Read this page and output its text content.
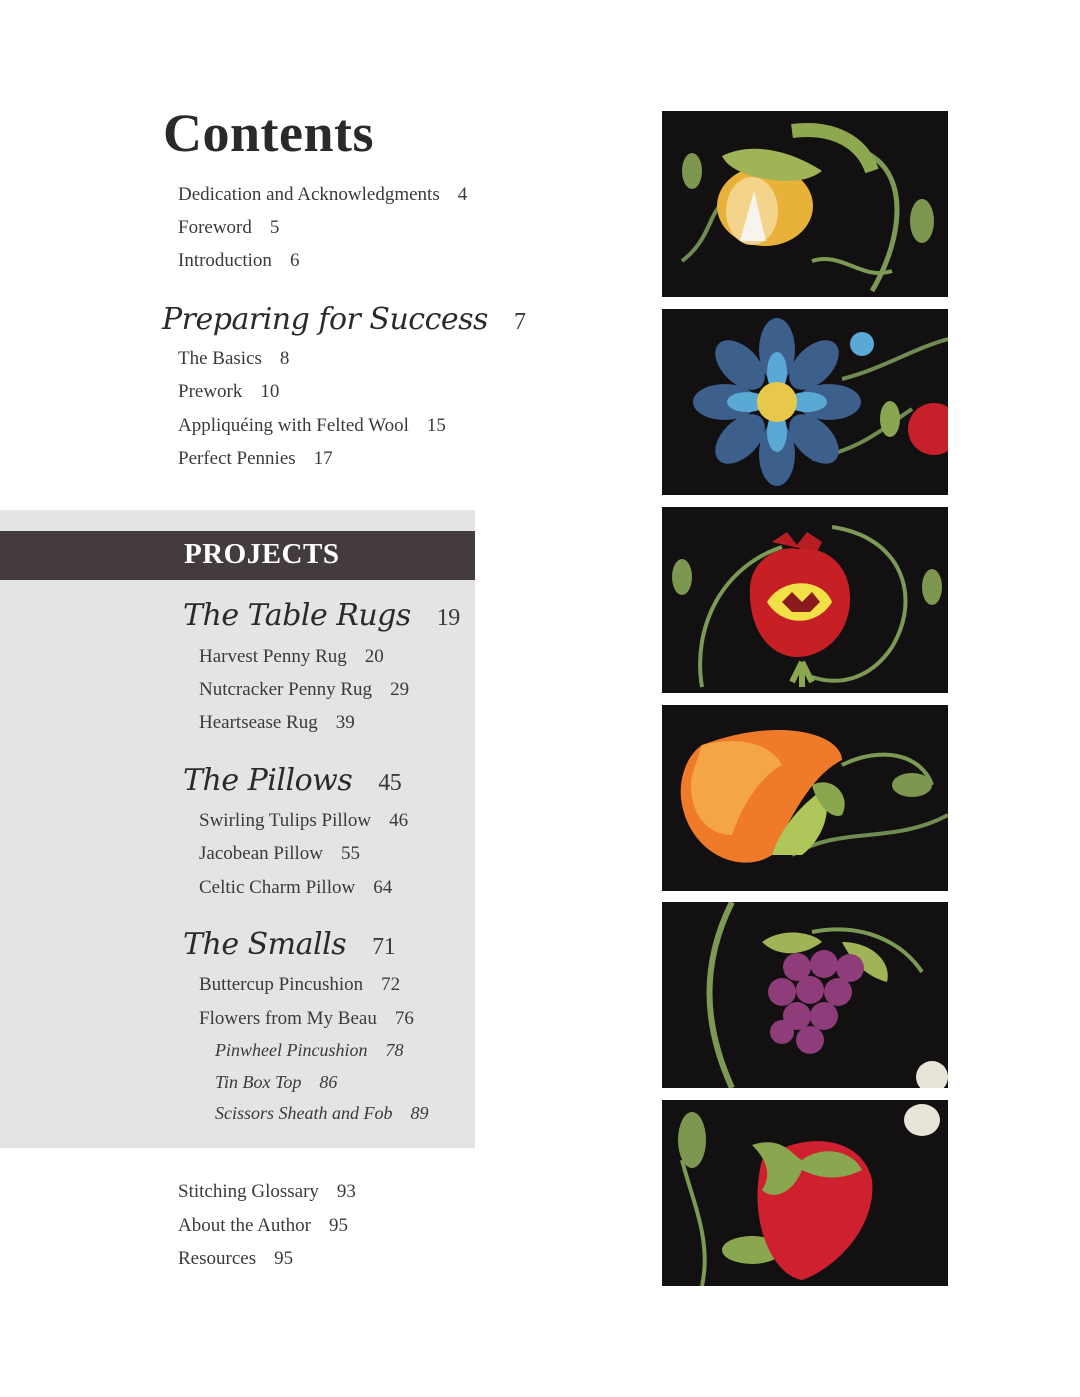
Contents
Dedication and Acknowledgments 4
Foreword 5
Introduction 6
Preparing for Success 7
The Basics 8
Prework 10
Appliquéing with Felted Wool 15
Perfect Pennies 17
PROJECTS
The Table Rugs 19
Harvest Penny Rug 20
Nutcracker Penny Rug 29
Heartsease Rug 39
The Pillows 45
Swirling Tulips Pillow 46
Jacobean Pillow 55
Celtic Charm Pillow 64
The Smalls 71
Buttercup Pincushion 72
Flowers from My Beau 76
Pinwheel Pincushion 78
Tin Box Top 86
Scissors Sheath and Fob 89
Stitching Glossary 93
About the Author 95
Resources 95
